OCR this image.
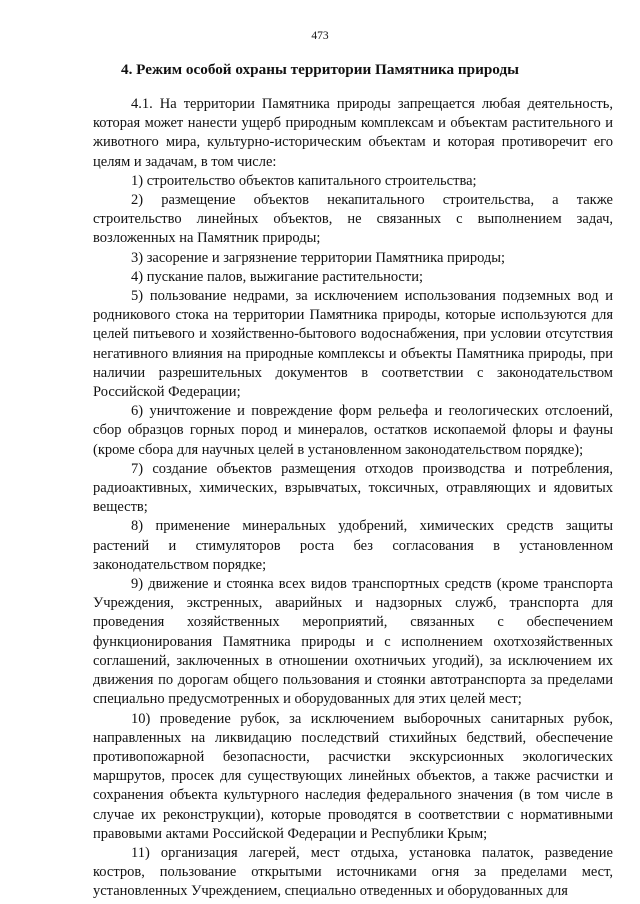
473
4. Режим особой охраны территории Памятника природы

4.1. На территории Памятника природы запрещается любая деятельность, которая может нанести ущерб природным комплексам и объектам растительного и животного мира, культурно-историческим объектам и которая противоречит его целям и задачам, в том числе:

1) строительство объектов капитального строительства;

2) размещение объектов некапитального строительства, а также строительство линейных объектов, не связанных с выполнением задач, возложенных на Памятник природы;

3) засорение и загрязнение территории Памятника природы;

4) пускание палов, выжигание растительности;

5) пользование недрами, за исключением использования подземных вод и родникового стока на территории Памятника природы, которые используются для целей питьевого и хозяйственно-бытового водоснабжения, при условии отсутствия негативного влияния на природные комплексы и объекты Памятника природы, при наличии разрешительных документов в соответствии с законодательством Российской Федерации;

6) уничтожение и повреждение форм рельефа и геологических отслоений, сбор образцов горных пород и минералов, остатков ископаемой флоры и фауны (кроме сбора для научных целей в установленном законодательством порядке);

7) создание объектов размещения отходов производства и потребления, радиоактивных, химических, взрывчатых, токсичных, отравляющих и ядовитых веществ;

8) применение минеральных удобрений, химических средств защиты растений и стимуляторов роста без согласования в установленном законодательством порядке;

9) движение и стоянка всех видов транспортных средств (кроме транспорта Учреждения, экстренных, аварийных и надзорных служб, транспорта для проведения хозяйственных мероприятий, связанных с обеспечением функционирования Памятника природы и с исполнением охотхозяйственных соглашений, заключенных в отношении охотничьих угодий), за исключением их движения по дорогам общего пользования и стоянки автотранспорта за пределами специально предусмотренных и оборудованных для этих целей мест;

10) проведение рубок, за исключением выборочных санитарных рубок, направленных на ликвидацию последствий стихийных бедствий, обеспечение противопожарной безопасности, расчистки экскурсионных экологических маршрутов, просек для существующих линейных объектов, а также расчистки и сохранения объекта культурного наследия федерального значения (в том числе в случае их реконструкции), которые проводятся в соответствии с нормативными правовыми актами Российской Федерации и Республики Крым;

11) организация лагерей, мест отдыха, установка палаток, разведение костров, пользование открытыми источниками огня за пределами мест, установленных Учреждением, специально отведенных и оборудованных для
